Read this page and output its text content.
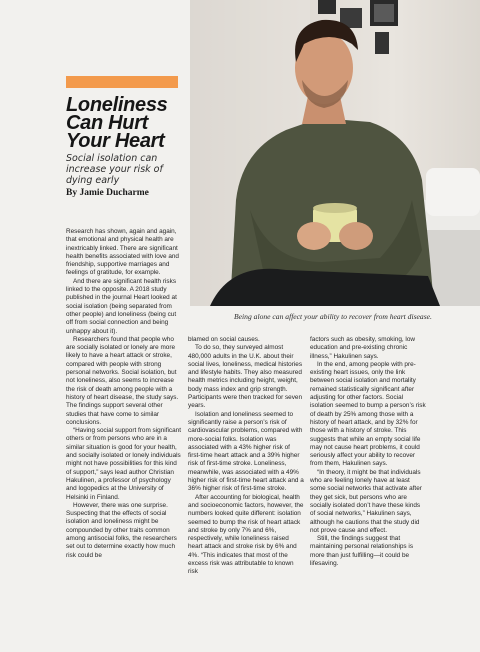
Loneliness Can Hurt Your Heart
Social isolation can increase your risk of dying early
By Jamie Ducharme

Research has shown, again and again, that emotional and physical health are inextricably linked. There are significant health benefits associated with love and friendship, supportive marriages and feelings of gratitude, for example.

And there are significant health risks linked to the opposite. A 2018 study published in the journal Heart looked at social isolation (being separated from other people) and loneliness (being cut off from social connection and being unhappy about it).

Researchers found that people who are socially isolated or lonely are more likely to have a heart attack or stroke, compared with people with strong personal networks. Social isolation, but not loneliness, also seems to increase the risk of death among people with a history of heart disease, the study says. The findings support several other studies that have come to similar conclusions.

“Having social support from significant others or from persons who are in a similar situation is good for your health, and socially isolated or lonely individuals might not have possibilities for this kind of support,” says lead author Christian Hakulinen, a professor of psychology and logopedics at the University of Helsinki in Finland.

However, there was one surprise. Suspecting that the effects of social isolation and loneliness might be compounded by other traits common among antisocial folks, the researchers set out to determine exactly how much risk could be

Being alone can affect your ability to recover from heart disease.

blamed on social causes.

To do so, they surveyed almost 480,000 adults in the U.K. about their social lives, loneliness, medical histories and lifestyle habits. They also measured health metrics including height, weight, body mass index and grip strength. Participants were then tracked for seven years.

Isolation and loneliness seemed to significantly raise a person’s risk of cardiovascular problems, compared with more-social folks. Isolation was associated with a 43% higher risk of first-time heart attack and a 39% higher risk of first-time stroke. Loneliness, meanwhile, was associated with a 49% higher risk of first-time heart attack and a 36% higher risk of first-time stroke.

After accounting for biological, health and socioeconomic factors, however, the numbers looked quite different: isolation seemed to bump the risk of heart attack and stroke by only 7% and 6%, respectively, while loneliness raised heart attack and stroke risk by 6% and 4%. “This indicates that most of the excess risk was attributable to known risk

factors such as obesity, smoking, low education and pre-existing chronic illness,” Hakulinen says.

In the end, among people with pre-existing heart issues, only the link between social isolation and mortality remained statistically significant after adjusting for other factors. Social isolation seemed to bump a person’s risk of death by 25% among those with a history of heart attack, and by 32% for those with a history of stroke. This suggests that while an empty social life may not cause heart problems, it could seriously affect your ability to recover from them, Hakulinen says.

“In theory, it might be that individuals who are feeling lonely have at least some social networks that activate after they get sick, but persons who are socially isolated don’t have these kinds of social networks,” Hakulinen says, although he cautions that the study did not prove cause and effect.

Still, the findings suggest that maintaining personal relationships is more than just fulfilling—it could be lifesaving.
